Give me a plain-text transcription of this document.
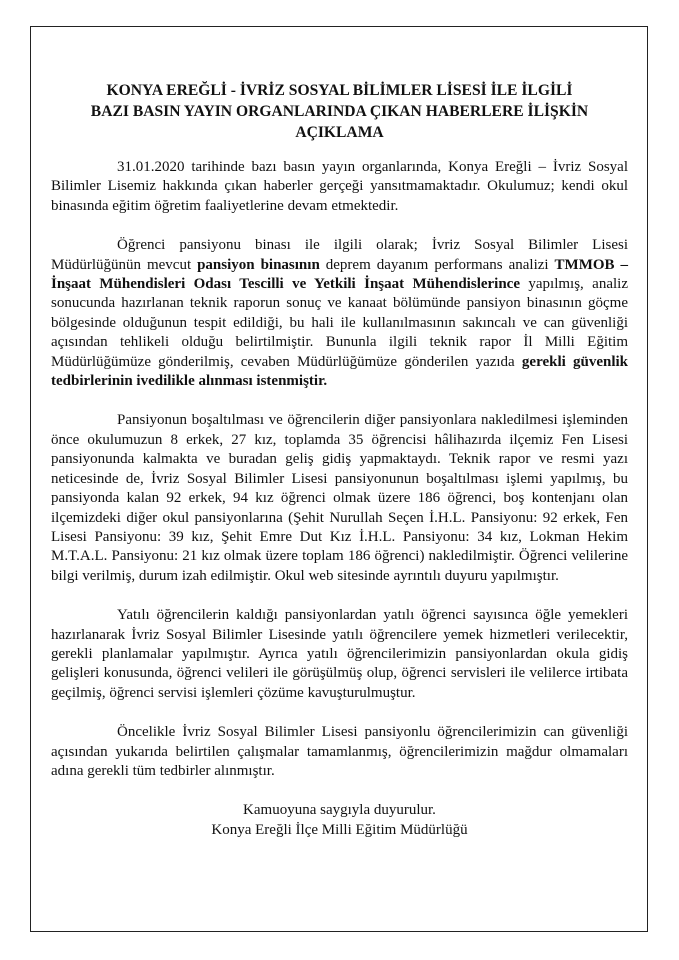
KONYA EREĞLİ - İVRİZ SOSYAL BİLİMLER LİSESİ İLE İLGİLİ
BAZI BASIN YAYIN ORGANLARINDA ÇIKAN HABERLERE İLİŞKİN
AÇIKLAMA

31.01.2020 tarihinde bazı basın yayın organlarında, Konya Ereğli – İvriz Sosyal Bilimler Lisemiz hakkında çıkan haberler gerçeği yansıtmamaktadır. Okulumuz; kendi okul binasında eğitim öğretim faaliyetlerine devam etmektedir.

Öğrenci pansiyonu binası ile ilgili olarak; İvriz Sosyal Bilimler Lisesi Müdürlüğünün mevcut pansiyon binasının deprem dayanım performans analizi TMMOB – İnşaat Mühendisleri Odası Tescilli ve Yetkili İnşaat Mühendislerince yapılmış, analiz sonucunda hazırlanan teknik raporun sonuç ve kanaat bölümünde pansiyon binasının göçme bölgesinde olduğunun tespit edildiği, bu hali ile kullanılmasının sakıncalı ve can güvenliği açısından tehlikeli olduğu belirtilmiştir. Bununla ilgili teknik rapor İl Milli Eğitim Müdürlüğümüze gönderilmiş, cevaben Müdürlüğümüze gönderilen yazıda gerekli güvenlik tedbirlerinin ivedilikle alınması istenmiştir.

Pansiyonun boşaltılması ve öğrencilerin diğer pansiyonlara nakledilmesi işleminden önce okulumuzun 8 erkek, 27 kız, toplamda 35 öğrencisi hâlihazırda ilçemiz Fen Lisesi pansiyonunda kalmakta ve buradan geliş gidiş yapmaktaydı. Teknik rapor ve resmi yazı neticesinde de, İvriz Sosyal Bilimler Lisesi pansiyonunun boşaltılması işlemi yapılmış, bu pansiyonda kalan 92 erkek, 94 kız öğrenci olmak üzere 186 öğrenci, boş kontenjanı olan ilçemizdeki diğer okul pansiyonlarına (Şehit Nurullah Seçen İ.H.L. Pansiyonu: 92 erkek, Fen Lisesi Pansiyonu: 39 kız, Şehit Emre Dut Kız İ.H.L. Pansiyonu: 34 kız, Lokman Hekim M.T.A.L. Pansiyonu: 21 kız olmak üzere toplam 186 öğrenci) nakledilmiştir. Öğrenci velilerine bilgi verilmiş, durum izah edilmiştir. Okul web sitesinde ayrıntılı duyuru yapılmıştır.

Yatılı öğrencilerin kaldığı pansiyonlardan yatılı öğrenci sayısınca öğle yemekleri hazırlanarak İvriz Sosyal Bilimler Lisesinde yatılı öğrencilere yemek hizmetleri verilecektir, gerekli planlamalar yapılmıştır. Ayrıca yatılı öğrencilerimizin pansiyonlardan okula gidiş gelişleri konusunda, öğrenci velileri ile görüşülmüş olup, öğrenci servisleri ile velilerce irtibata geçilmiş, öğrenci servisi işlemleri çözüme kavuşturulmuştur.

Öncelikle İvriz Sosyal Bilimler Lisesi pansiyonlu öğrencilerimizin can güvenliği açısından yukarıda belirtilen çalışmalar tamamlanmış, öğrencilerimizin mağdur olmamaları adına gerekli tüm tedbirler alınmıştır.

Kamuoyuna saygıyla duyurulur.

Konya Ereğli İlçe Milli Eğitim Müdürlüğü
